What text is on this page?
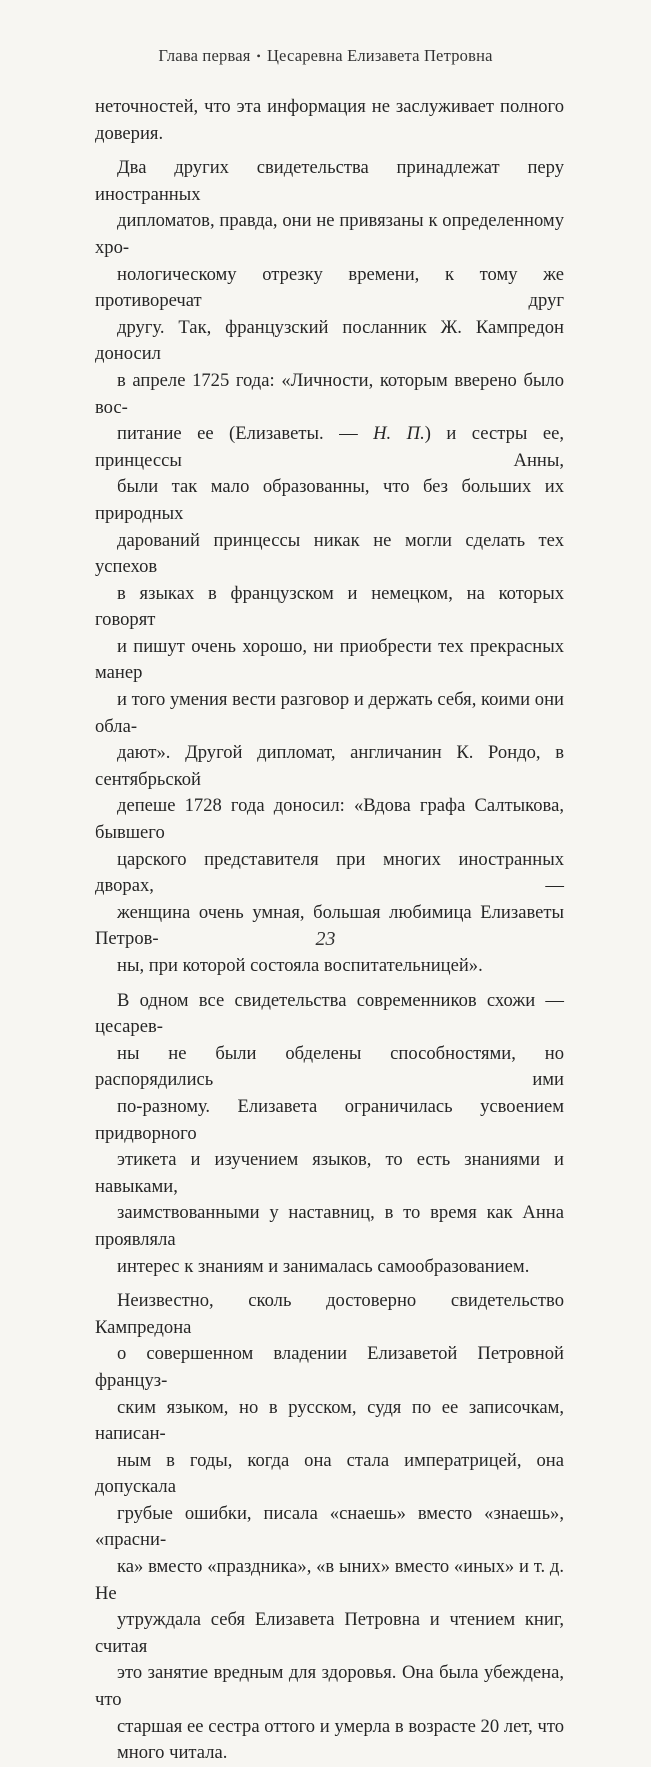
Глава первая • Цесаревна Елизавета Петровна

неточностей, что эта информация не заслуживает полного
доверия.

Два других свидетельства принадлежат перу иностранных
дипломатов, правда, они не привязаны к определенному хро-
нологическому отрезку времени, к тому же противоречат друг
другу. Так, французский посланник Ж. Кампредон доносил
в апреле 1725 года: «Личности, которым вверено было вос-
питание ее (Елизаветы. — Н. П.) и сестры ее, принцессы Анны,
были так мало образованны, что без больших их природных
дарований принцессы никак не могли сделать тех успехов
в языках в французском и немецком, на которых говорят
и пишут очень хорошо, ни приобрести тех прекрасных манер
и того умения вести разговор и держать себя, коими они обла-
дают». Другой дипломат, англичанин К. Рондо, в сентябрьской
депеше 1728 года доносил: «Вдова графа Салтыкова, бывшего
царского представителя при многих иностранных дворах, —
женщина очень умная, большая любимица Елизаветы Петров-
ны, при которой состояла воспитательницей».

В одном все свидетельства современников схожи — цесарев-
ны не были обделены способностями, но распорядились ими
по-разному. Елизавета ограничилась усвоением придворного
этикета и изучением языков, то есть знаниями и навыками,
заимствованными у наставниц, в то время как Анна проявляла
интерес к знаниям и занималась самообразованием.

Неизвестно, сколь достоверно свидетельство Кампредона
о совершенном владении Елизаветой Петровной француз-
ским языком, но в русском, судя по ее записочкам, написан-
ным в годы, когда она стала императрицей, она допускала
грубые ошибки, писала «снаешь» вместо «знаешь», «прасни-
ка» вместо «праздника», «в ыних» вместо «иных» и т. д. Не
утруждала себя Елизавета Петровна и чтением книг, считая
это занятие вредным для здоровья. Она была убеждена, что
старшая ее сестра оттого и умерла в возрасте 20 лет, что
много читала.

23
